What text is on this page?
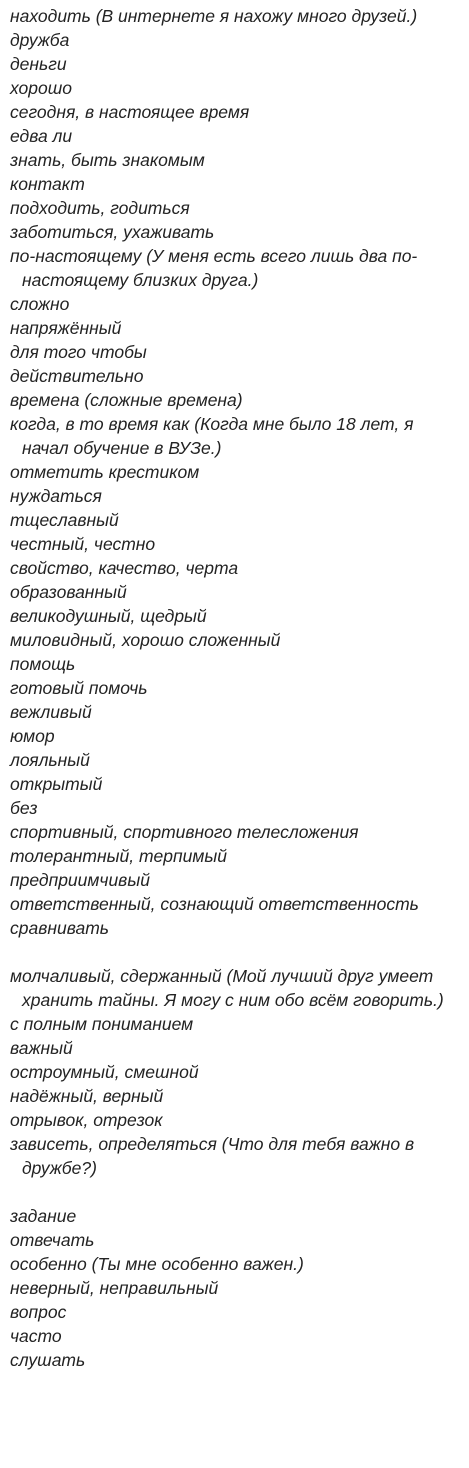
находить (В интернете я нахожу много друзей.)
дружба
деньги
хорошо
сегодня, в настоящее время
едва ли
знать, быть знакомым
контакт
подходить, годиться
заботиться, ухаживать
по-настоящему (У меня есть всего лишь два по-настоящему близких друга.)
сложно
напряжённый
для того чтобы
действительно
времена (сложные времена)
когда, в то время как (Когда мне было 18 лет, я начал обучение в ВУЗе.)
отметить крестиком
нуждаться
тщеславный
честный, честно
свойство, качество, черта
образованный
великодушный, щедрый
миловидный, хорошо сложенный
помощь
готовый помочь
вежливый
юмор
лояльный
открытый
без
спортивный, спортивного телесложения
толерантный, терпимый
предприимчивый
ответственный, сознающий ответственность
сравнивать
молчаливый, сдержанный (Мой лучший друг умеет хранить тайны. Я могу с ним обо всём говорить.)
с полным пониманием
важный
остроумный, смешной
надёжный, верный
отрывок, отрезок
зависеть, определяться (Что для тебя важно в дружбе?)
задание
отвечать
особенно (Ты мне особенно важен.)
неверный, неправильный
вопрос
часто
слушать
